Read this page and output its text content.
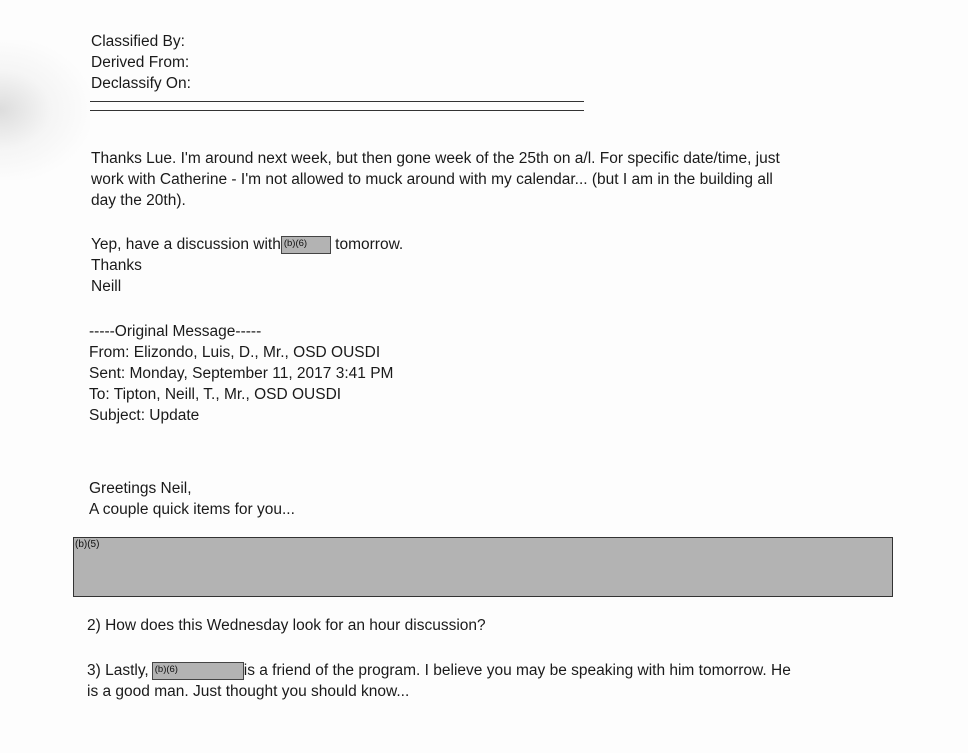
Classified By:
Derived From:
Declassify On:
Thanks Lue. I'm around next week, but then gone week of the 25th on a/l. For specific date/time, just
work with Catherine - I'm not allowed to muck around with my calendar... (but I am in the building all
day the 20th).
Yep, have a discussion with (b)(6) tomorrow.
Thanks
Neill
-----Original Message-----
From: Elizondo, Luis, D., Mr., OSD OUSDI
Sent: Monday, September 11, 2017 3:41 PM
To: Tipton, Neill, T., Mr., OSD OUSDI
Subject: Update
Greetings Neil,
A couple quick items for you...
(b)(5)
2) How does this Wednesday look for an hour discussion?
3) Lastly, (b)(6)	is a friend of the program. I believe you may be speaking with him tomorrow. He
is a good man. Just thought you should know...
